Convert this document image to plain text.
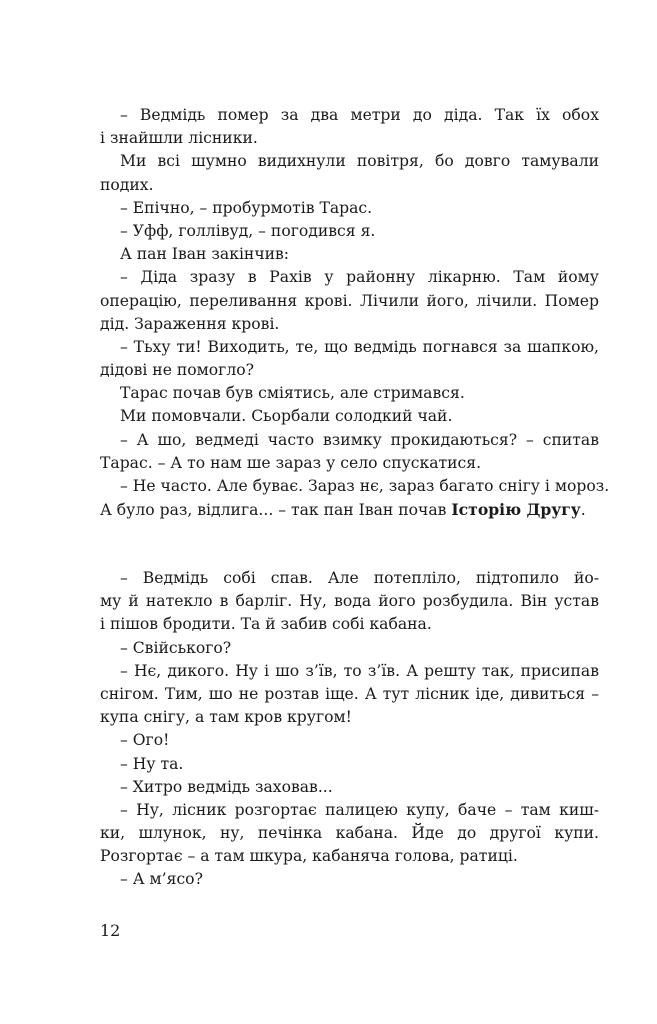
– Ведмідь помер за два метри до діда. Так їх обох
і знайшли лісники.
Ми всі шумно видихнули повітря, бо довго тамували
подих.
– Епічно, – пробурмотів Тарас.
– Уфф, голлівуд, – погодився я.
А пан Іван закінчив:
– Діда зразу в Рахів у районну лікарню. Там йому
операцію, переливання крові. Лічили його, лічили. Помер
дід. Зараження крові.
– Тьху ти! Виходить, те, що ведмідь погнався за шапкою,
дідові не помогло?
Тарас почав був сміятись, але стримався.
Ми помовчали. Сьорбали солодкий чай.
– А шо, ведмеді часто взимку прокидаються? – спитав
Тарас. – А то нам ше зараз у село спускатися.
– Не часто. Але буває. Зараз нє, зараз багато снігу і мороз.
А було раз, відлига... – так пан Іван почав Історію Другу.
– Ведмідь собі спав. Але потепліло, підтопило йо-
му й натекло в барліг. Ну, вода його розбудила. Він устав
і пішов бродити. Та й забив собі кабана.
– Свійського?
– Нє, дикого. Ну і шо з’їв, то з’їв. А решту так, присипав
снігом. Тим, шо не розтав іще. А тут лісник іде, дивиться –
купа снігу, а там кров кругом!
– Ого!
– Ну та.
– Хитро ведмідь заховав...
– Ну, лісник розгортає палицею купу, баче – там киш-
ки, шлунок, ну, печінка кабана. Йде до другої купи.
Розгортає – а там шкура, кабаняча голова, ратиці.
– А м’ясо?
12
